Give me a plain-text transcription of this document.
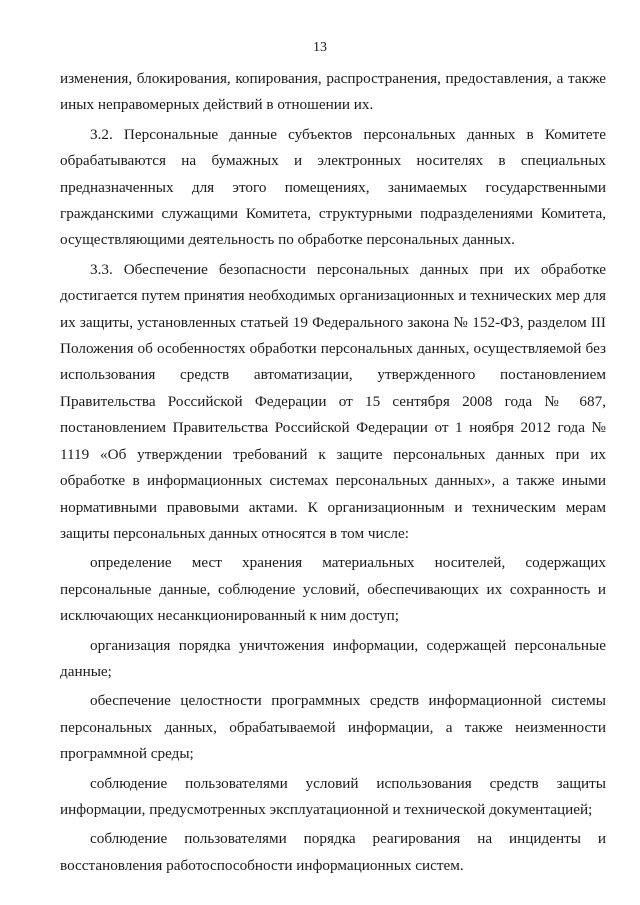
13

изменения, блокирования, копирования, распространения, предоставления, а также иных неправомерных действий в отношении их.

3.2. Персональные данные субъектов персональных данных в Комитете обрабатываются на бумажных и электронных носителях в специальных предназначенных для этого помещениях, занимаемых государственными гражданскими служащими Комитета, структурными подразделениями Комитета, осуществляющими деятельность по обработке персональных данных.

3.3. Обеспечение безопасности персональных данных при их обработке достигается путем принятия необходимых организационных и технических мер для их защиты, установленных статьей 19 Федерального закона № 152-ФЗ, разделом III Положения об особенностях обработки персональных данных, осуществляемой без использования средств автоматизации, утвержденного постановлением Правительства Российской Федерации от 15 сентября 2008 года № 687, постановлением Правительства Российской Федерации от 1 ноября 2012 года № 1119 «Об утверждении требований к защите персональных данных при их обработке в информационных системах персональных данных», а также иными нормативными правовыми актами. К организационным и техническим мерам защиты персональных данных относятся в том числе:

определение мест хранения материальных носителей, содержащих персональные данные, соблюдение условий, обеспечивающих их сохранность и исключающих несанкционированный к ним доступ;

организация порядка уничтожения информации, содержащей персональные данные;

обеспечение целостности программных средств информационной системы персональных данных, обрабатываемой информации, а также неизменности программной среды;

соблюдение пользователями условий использования средств защиты информации, предусмотренных эксплуатационной и технической документацией;

соблюдение пользователями порядка реагирования на инциденты и восстановления работоспособности информационных систем.
